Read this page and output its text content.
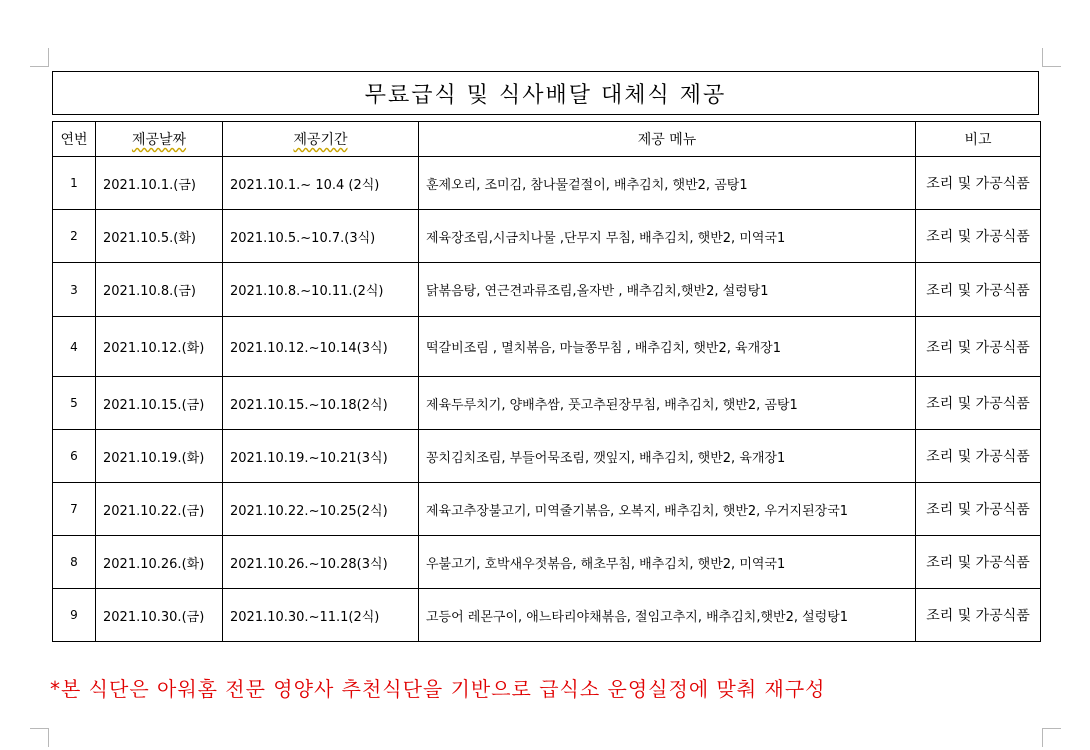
무료급식 및 식사배달 대체식 제공
연번	제공날짜	제공기간	제공 메뉴	비고
1	2021.10.1.(금)	2021.10.1.~ 10.4 (2식)	훈제오리, 조미김, 참나물겉절이, 배추김치, 햇반2, 곰탕1	조리 및 가공식품
2	2021.10.5.(화)	2021.10.5.~10.7.(3식)	제육장조림,시금치나물 ,단무지 무침, 배추김치, 햇반2, 미역국1	조리 및 가공식품
3	2021.10.8.(금)	2021.10.8.~10.11.(2식)	닭볶음탕, 연근견과류조림,올자반 , 배추김치,햇반2, 설렁탕1	조리 및 가공식품
4	2021.10.12.(화)	2021.10.12.~10.14(3식)	떡갈비조림 , 멸치볶음, 마늘쫑무침 , 배추김치, 햇반2, 육개장1	조리 및 가공식품
5	2021.10.15.(금)	2021.10.15.~10.18(2식)	제육두루치기, 양배추쌈, 풋고추된장무침, 배추김치, 햇반2, 곰탕1	조리 및 가공식품
6	2021.10.19.(화)	2021.10.19.~10.21(3식)	꽁치김치조림, 부들어묵조림, 깻잎지, 배추김치, 햇반2, 육개장1	조리 및 가공식품
7	2021.10.22.(금)	2021.10.22.~10.25(2식)	제육고추장불고기, 미역줄기볶음, 오복지, 배추김치, 햇반2, 우거지된장국1	조리 및 가공식품
8	2021.10.26.(화)	2021.10.26.~10.28(3식)	우불고기, 호박새우젓볶음, 해초무침, 배추김치, 햇반2, 미역국1	조리 및 가공식품
9	2021.10.30.(금)	2021.10.30.~11.1(2식)	고등어 레몬구이, 애느타리야채볶음, 절임고추지, 배추김치,햇반2, 설렁탕1	조리 및 가공식품
*본 식단은 아워홈 전문 영양사 추천식단을 기반으로 급식소 운영실정에 맞춰 재구성
